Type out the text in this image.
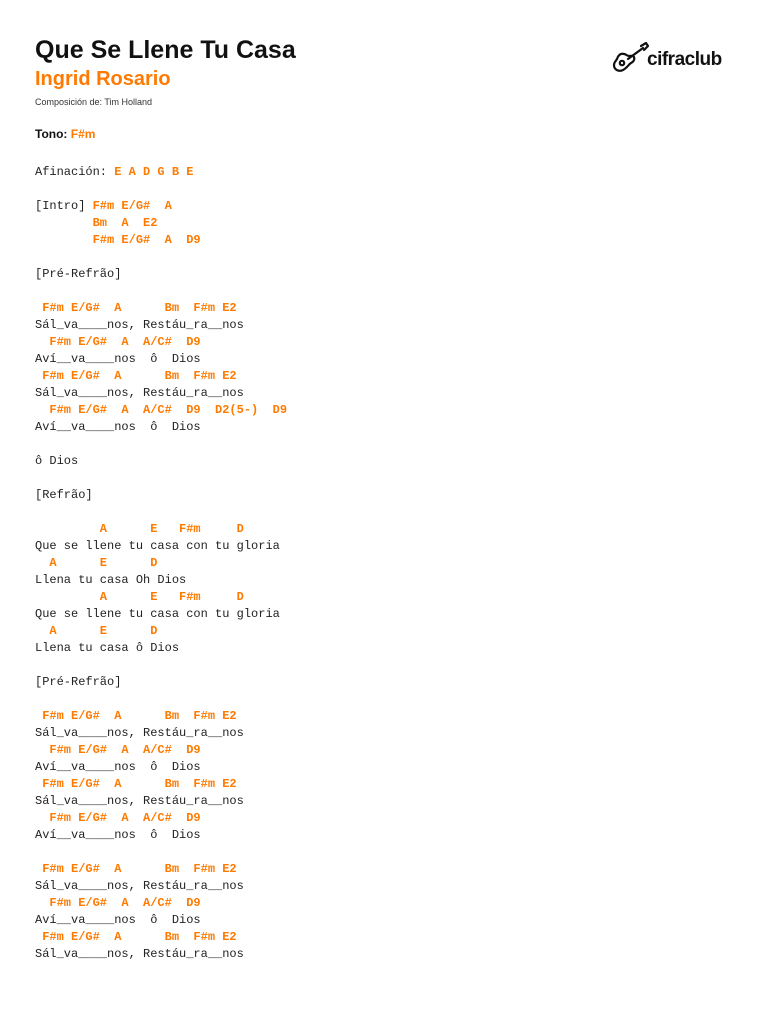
Que Se Llene Tu Casa
Ingrid Rosario
Composición de: Tim Holland
Tono: F#m
cifraclub
Afinación: E A D G B E
[Intro] F#m E/G#  A
Bm  A  E2
F#m E/G#  A  D9
[Pré-Refrão]
F#m E/G#  A      Bm  F#m E2
Sál_va____nos, Restáu_ra__nos
F#m E/G#  A  A/C#  D9
Aví__va____nos  ô  Dios
F#m E/G#  A      Bm  F#m E2
Sál_va____nos, Restáu_ra__nos
F#m E/G#  A  A/C#  D9  D2(5-)  D9
Aví__va____nos  ô  Dios
ô Dios
[Refrão]
A      E   F#m     D
Que se llene tu casa con tu gloria
A      E      D
Llena tu casa Oh Dios
A      E   F#m     D
Que se llene tu casa con tu gloria
A      E      D
Llena tu casa ô Dios
[Pré-Refrão]
F#m E/G#  A      Bm  F#m E2
Sál_va____nos, Restáu_ra__nos
F#m E/G#  A  A/C#  D9
Aví__va____nos  ô  Dios
F#m E/G#  A      Bm  F#m E2
Sál_va____nos, Restáu_ra__nos
F#m E/G#  A  A/C#  D9
Aví__va____nos  ô  Dios
F#m E/G#  A      Bm  F#m E2
Sál_va____nos, Restáu_ra__nos
F#m E/G#  A  A/C#  D9
Aví__va____nos  ô  Dios
F#m E/G#  A      Bm  F#m E2
Sál_va____nos, Restáu_ra__nos
